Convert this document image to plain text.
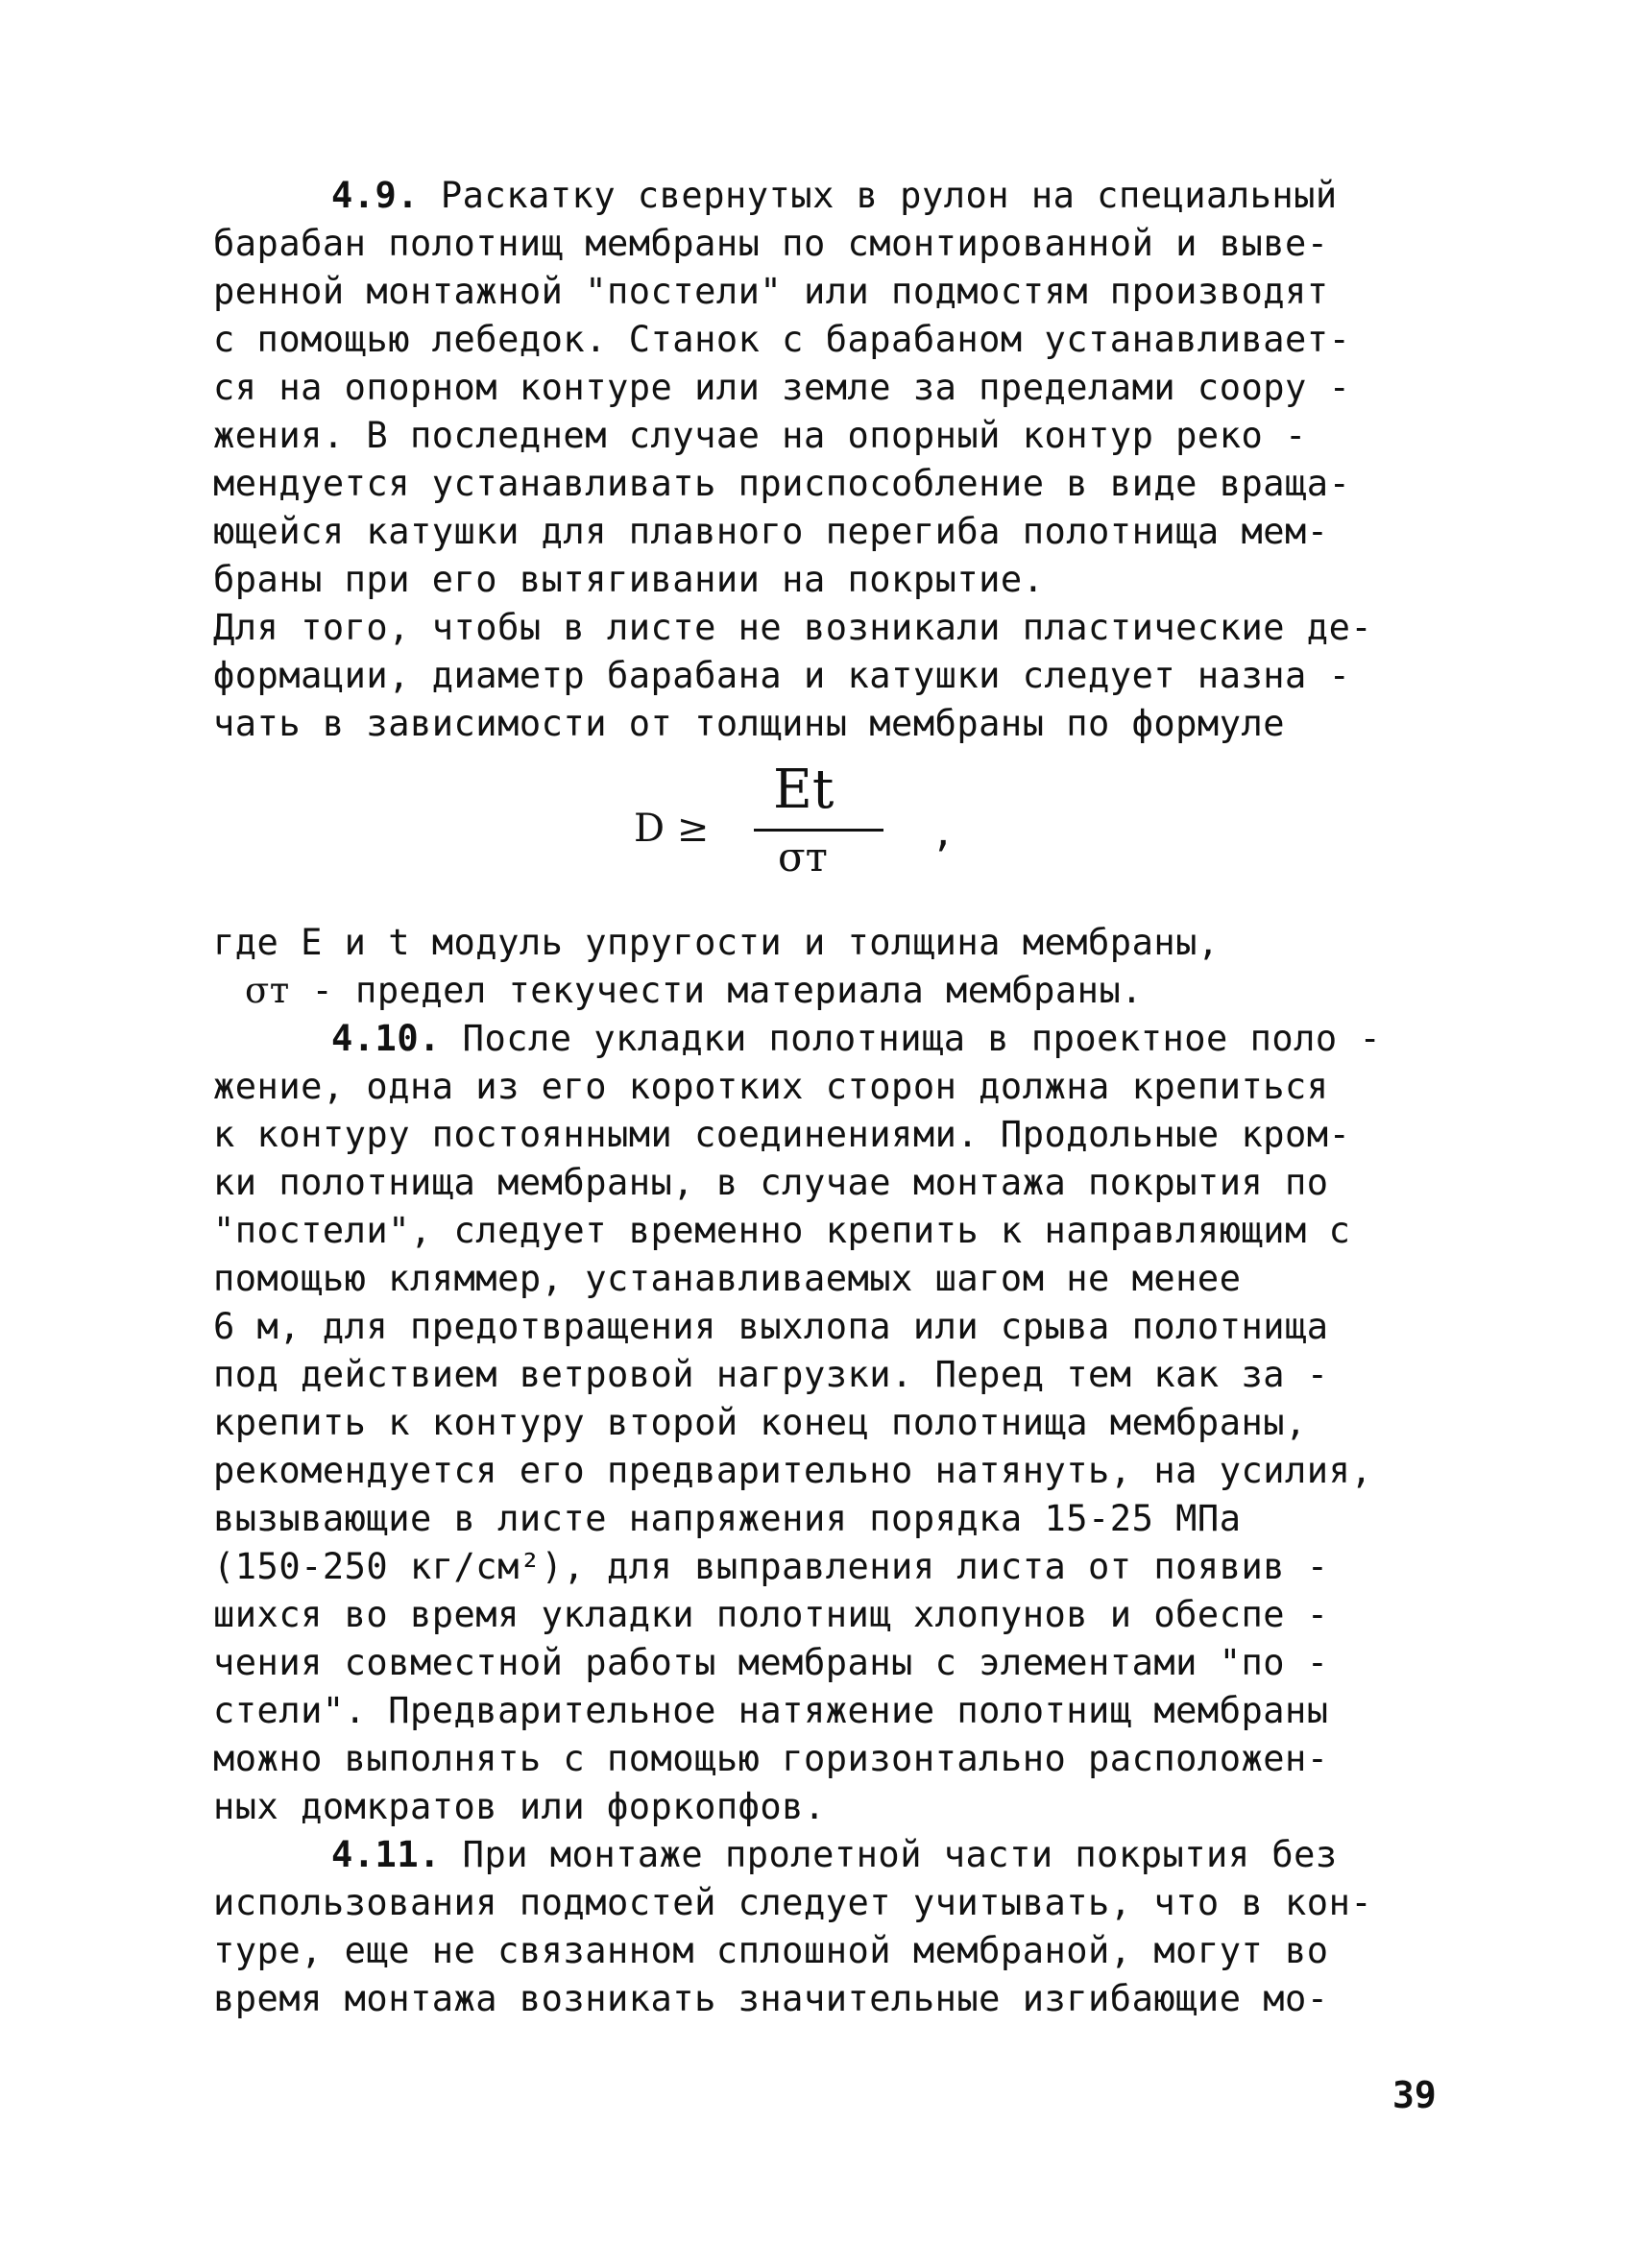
4.9. Раскатку свернутых в рулон на специальный
барабан полотнищ мембраны по смонтированной и выве-
ренной монтажной "постели" или подмостям производят
с помощью лебедок. Станок с барабаном устанавливает-
ся на опорном контуре или земле за пределами соору -
жения. В последнем случае на опорный контур реко -
мендуется устанавливать приспособление в виде враща-
ющейся катушки для плавного перегиба полотнища мем-
браны при его вытягивании на покрытие.
Для того, чтобы в листе не возникали пластические де-
формации, диаметр барабана и катушки следует назна -
чать в зависимости от толщины мембраны по формуле
D ≥
Et
σт	,
где E и t модуль упругости и толщина мембраны,
σт - предел текучести материала мембраны.
4.10. После укладки полотнища в проектное поло -
жение, одна из его коротких сторон должна крепиться
к контуру постоянными соединениями. Продольные кром-
ки полотнища мембраны, в случае монтажа покрытия по
"постели", следует временно крепить к направляющим с
помощью кляммер, устанавливаемых шагом не менее
6 м, для предотвращения выхлопа или срыва полотнища
под действием ветровой нагрузки. Перед тем как за -
крепить к контуру второй конец полотнища мембраны,
рекомендуется его предварительно натянуть, на усилия,
вызывающие в листе напряжения порядка 15-25 МПа
(150-250 кг/см²), для выправления листа от появив -
шихся во время укладки полотнищ хлопунов и обеспе -
чения совместной работы мембраны с элементами "по -
стели". Предварительное натяжение полотнищ мембраны
можно выполнять с помощью горизонтально расположен-
ных домкратов или форкопфов.
4.11. При монтаже пролетной части покрытия без
использования подмостей следует учитывать, что в кон-
туре, еще не связанном сплошной мембраной, могут во
время монтажа возникать значительные изгибающие мо-
39
